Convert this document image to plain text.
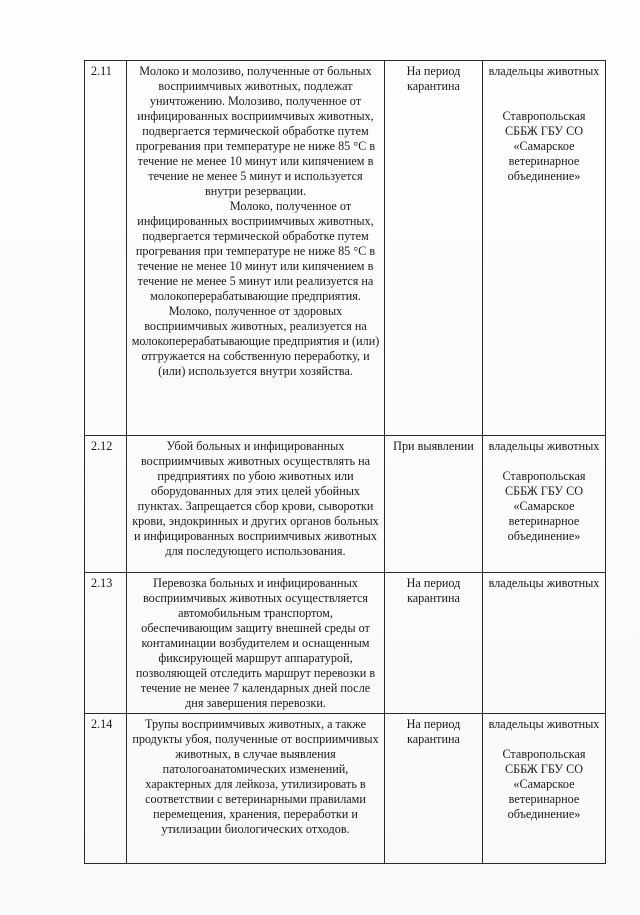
2.11	Молоко и молозиво, полученные от больных восприимчивых животных, подлежат уничтожению. Молозиво, полученное от инфицированных восприимчивых животных, подвергается термической обработке путем прогревания при температуре не ниже 85 °С в течение не менее 10 минут или кипячением в течение не менее 5 минут и используется внутри резервации.
Молоко, полученное от инфицированных восприимчивых животных, подвергается термической обработке путем прогревания при температуре не ниже 85 °С в течение не менее 10 минут или кипячением в течение не менее 5 минут или реализуется на молокоперерабатывающие предприятия.
Молоко, полученное от здоровых восприимчивых животных, реализуется на молокоперерабатывающие предприятия и (или) отгружается на собственную переработку, и (или) используется внутри хозяйства.	На период карантина	владельцы животных
Ставропольская СББЖ ГБУ СО «Самарское ветеринарное объединение»

2.12	Убой больных и инфицированных восприимчивых животных осуществлять на предприятиях по убою животных или оборудованных для этих целей убойных пунктах. Запрещается сбор крови, сыворотки крови, эндокринных и других органов больных и инфицированных восприимчивых животных для последующего использования.	При выявлении	владельцы животных
Ставропольская СББЖ ГБУ СО «Самарское ветеринарное объединение»

2.13	Перевозка больных и инфицированных восприимчивых животных осуществляется автомобильным транспортом, обеспечивающим защиту внешней среды от контаминации возбудителем и оснащенным фиксирующей маршрут аппаратурой, позволяющей отследить маршрут перевозки в течение не менее 7 календарных дней после дня завершения перевозки.	На период карантина	владельцы животных

2.14	Трупы восприимчивых животных, а также продукты убоя, полученные от восприимчивых животных, в случае выявления патологоанатомических изменений, характерных для лейкоза, утилизировать в соответствии с ветеринарными правилами перемещения, хранения, переработки и утилизации биологических отходов.	На период карантина	владельцы животных
Ставропольская СББЖ ГБУ СО «Самарское ветеринарное объединение»
